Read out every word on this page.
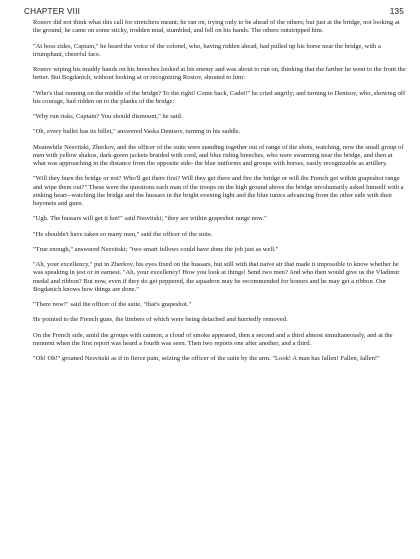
CHAPTER VIII	135

Rostov did not think what this call for stretchers meant; he ran on, trying only to be ahead of the others; but just at the bridge, not looking at the ground, he came on some sticky, trodden mud, stumbled, and fell on his hands. The others outstripped him.

"At boss zides, Captain," he heard the voice of the colonel, who, having ridden ahead, had pulled up his horse near the bridge, with a triumphant, cheerful face.

Rostov wiping his muddy hands on his breeches looked at his enemy and was about to run on, thinking that the farther he went to the front the better. But Bogdanich, without looking at or recognizing Rostov, shouted to him:

"Who's that running on the middle of the bridge? To the right! Come back, Cadet!" he cried angrily; and turning to Denisov, who, showing off his courage, had ridden on to the planks of the bridge:

"Why run risks, Captain? You should dismount," he said.

"Oh, every bullet has its billet," answered Vaska Denisov, turning in his saddle.

Meanwhile Nesvitski, Zherkov, and the officer of the suite were standing together out of range of the shots, watching, now the small group of men with yellow shakos, dark-green jackets braided with cord, and blue riding breeches, who were swarming near the bridge, and then at what was approaching in the distance from the opposite side- the blue uniforms and groups with horses, easily recognizable as artillery.

"Will they burn the bridge or not? Who'll get there first? Will they get there and fire the bridge or will the French get within grapeshot range and wipe them out?" These were the questions each man of the troops on the high ground above the bridge involuntarily asked himself with a sinking heart--watching the bridge and the hussars in the bright evening light and the blue tunics advancing from the other side with their bayonets and guns.

"Ugh. The hussars will get it hot!" said Nesvitski; "they are within grapeshot range now."

"He shouldn't have taken so many men," said the officer of the suite.

"True enough," answered Nesvitski; "two smart fellows could have done the job just as well."

"Ah, your excellency," put in Zherkov, his eyes fixed on the hussars, but still with that naive air that made it impossible to know whether he was speaking in jest or in earnest. "Ah, your excellency! How you look at things! Send two men? And who then would give us the Vladimir medal and ribbon? But now, even if they do get peppered, the squadron may be recommended for honors and he may get a ribbon. Our Bogdanich knows how things are done."

"There now!" said the officer of the suite, "that's grapeshot."

He pointed to the French guns, the limbers of which were being detached and hurriedly removed.

On the French side, amid the groups with cannon, a cloud of smoke appeared, then a second and a third almost simultaneously, and at the moment when the first report was heard a fourth was seen. Then two reports one after another, and a third.

"Oh! Oh!" groaned Nesvitski as if in fierce pain, seizing the officer of the suite by the arm. "Look! A man has fallen! Fallen, fallen!"
